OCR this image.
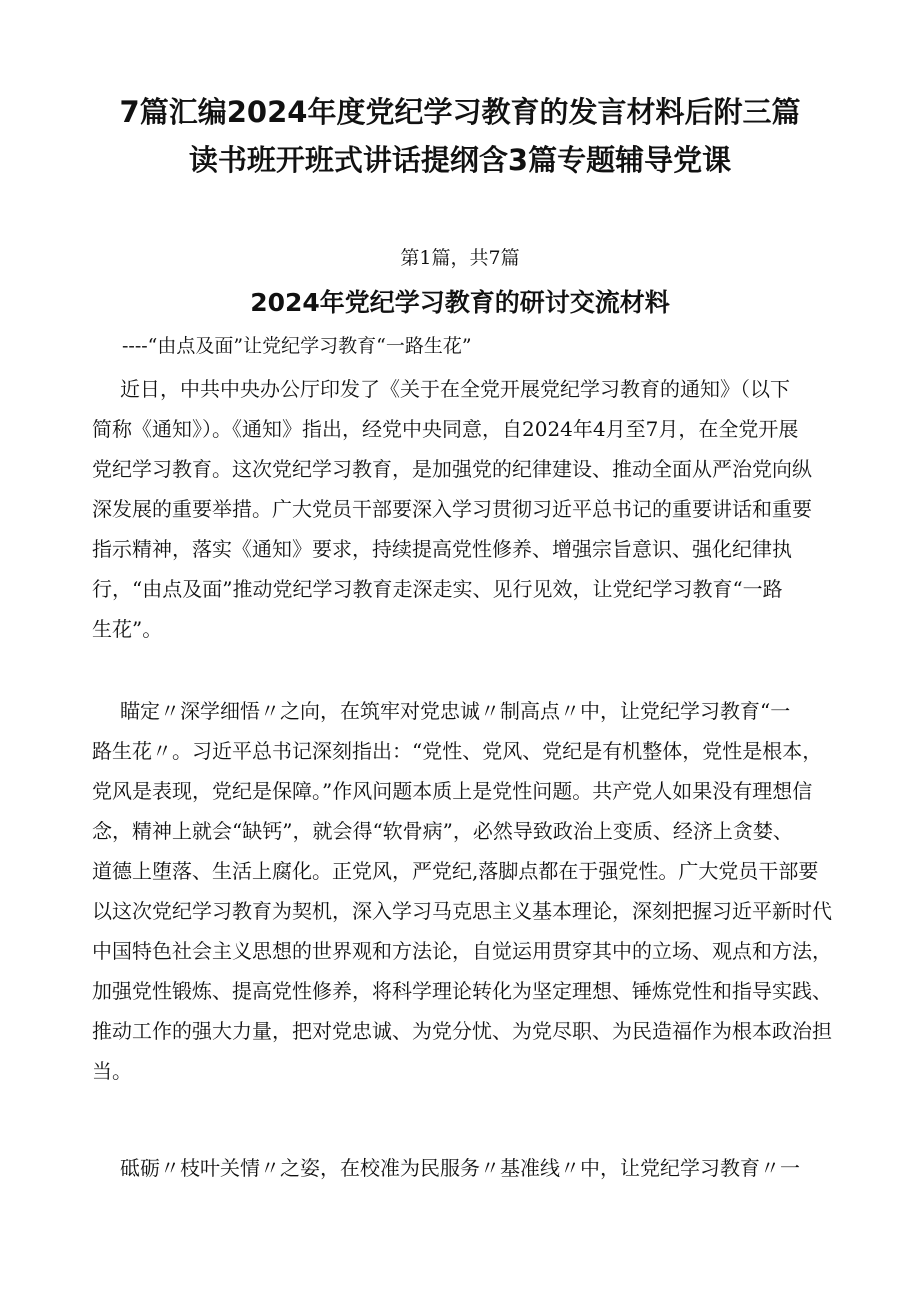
7篇汇编2024年度党纪学习教育的发言材料后附三篇
读书班开班式讲话提纲含3篇专题辅导党课
第1篇，共7篇
2024年党纪学习教育的研讨交流材料
----“由点及面”让党纪学习教育“一路生花”
近日，中共中央办公厅印发了《关于在全党开展党纪学习教育的通知》（以下
简称《通知》）。《通知》指出，经党中央同意，自2024年4月至7月，在全党开展
党纪学习教育。这次党纪学习教育，是加强党的纪律建设、推动全面从严治党向纵
深发展的重要举措。广大党员干部要深入学习贯彻习近平总书记的重要讲话和重要
指示精神，落实《通知》要求，持续提高党性修养、增强宗旨意识、强化纪律执
行，“由点及面”推动党纪学习教育走深走实、见行见效，让党纪学习教育“一路
生花”。
瞄定〃深学细悟〃之向，在筑牢对党忠诚〃制高点〃中，让党纪学习教育“一
路生花〃。习近平总书记深刻指出：“党性、党风、党纪是有机整体，党性是根本，
党风是表现，党纪是保障。”作风问题本质上是党性问题。共产党人如果没有理想信
念，精神上就会“缺钙”，就会得“软骨病”，必然导致政治上变质、经济上贪婪、
道德上堕落、生活上腐化。正党风，严党纪,落脚点都在于强党性。广大党员干部要
以这次党纪学习教育为契机，深入学习马克思主义基本理论，深刻把握习近平新时代
中国特色社会主义思想的世界观和方法论，自觉运用贯穿其中的立场、观点和方法，
加强党性锻炼、提高党性修养，将科学理论转化为坚定理想、锤炼党性和指导实践、
推动工作的强大力量，把对党忠诚、为党分忧、为党尽职、为民造福作为根本政治担
当。
砥砺〃枝叶关情〃之姿，在校准为民服务〃基准线〃中，让党纪学习教育〃一
